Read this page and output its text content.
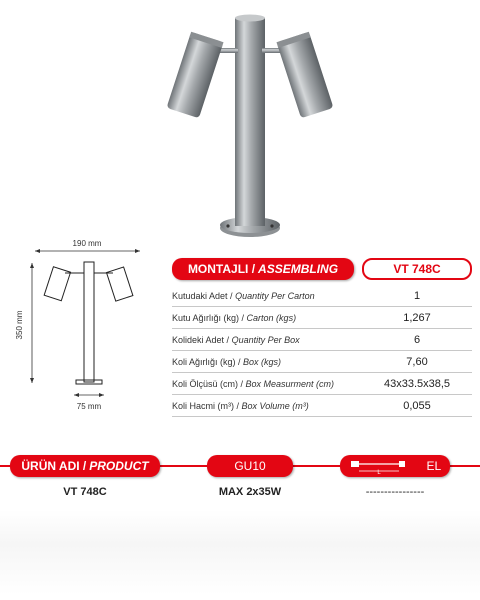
190 mm
350 mm
75 mm
MONTAJLI / ASSEMBLING	VT 748C
Kutudaki Adet / Quantity Per Carton	1
Kutu Ağırlığı (kg) / Carton (kgs)	1,267
Kolideki Adet / Quantity Per Box	6
Koli Ağırlığı (kg) / Box (kgs)	7,60
Koli Ölçüsü (cm) / Box Measurment (cm)	43x33.5x38,5
Koli Hacmi (m³) / Box Volume (m³)	0,055
ÜRÜN ADI / PRODUCT	GU10	L	EL
VT 748C	MAX 2x35W	----------------
